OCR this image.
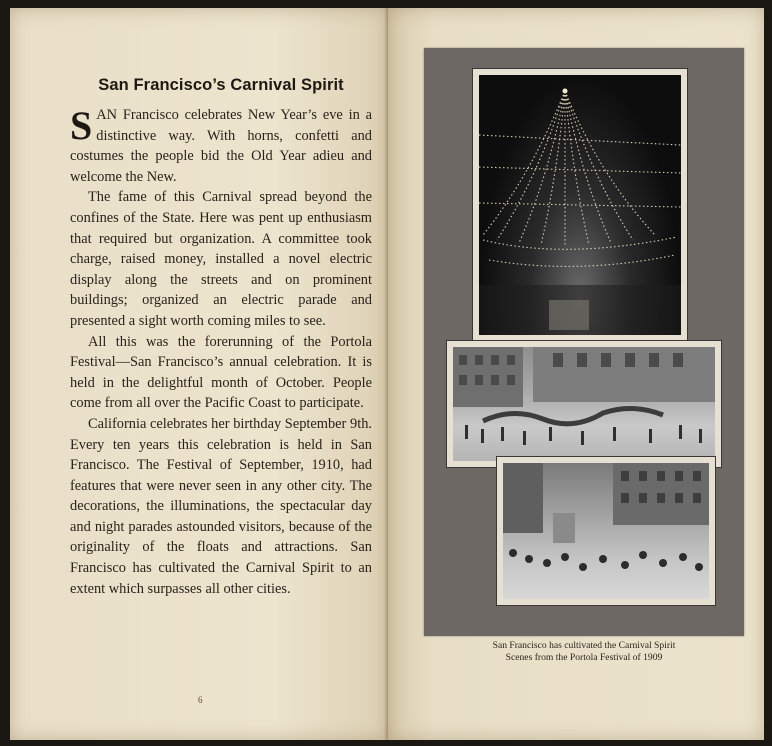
San Francisco’s Carnival Spirit

SAN Francisco celebrates New Year’s eve in a distinctive way. With horns, confetti and costumes the people bid the Old Year adieu and welcome the New.

The fame of this Carnival spread beyond the confines of the State. Here was pent up enthusiasm that required but organization. A committee took charge, raised money, installed a novel electric display along the streets and on prominent buildings; organized an electric parade and presented a sight worth coming miles to see.

All this was the forerunning of the Portola Festival—San Francisco’s annual celebration. It is held in the delightful month of October. People come from all over the Pacific Coast to participate.

California celebrates her birthday September 9th. Every ten years this celebration is held in San Francisco. The Festival of September, 1910, had features that were never seen in any other city. The decorations, the illuminations, the spectacular day and night parades astounded visitors, because of the originality of the floats and attractions. San Francisco has cultivated the Carnival Spirit to an extent which surpasses all other cities.

6
San Francisco has cultivated the Carnival Spirit
Scenes from the Portola Festival of 1909
